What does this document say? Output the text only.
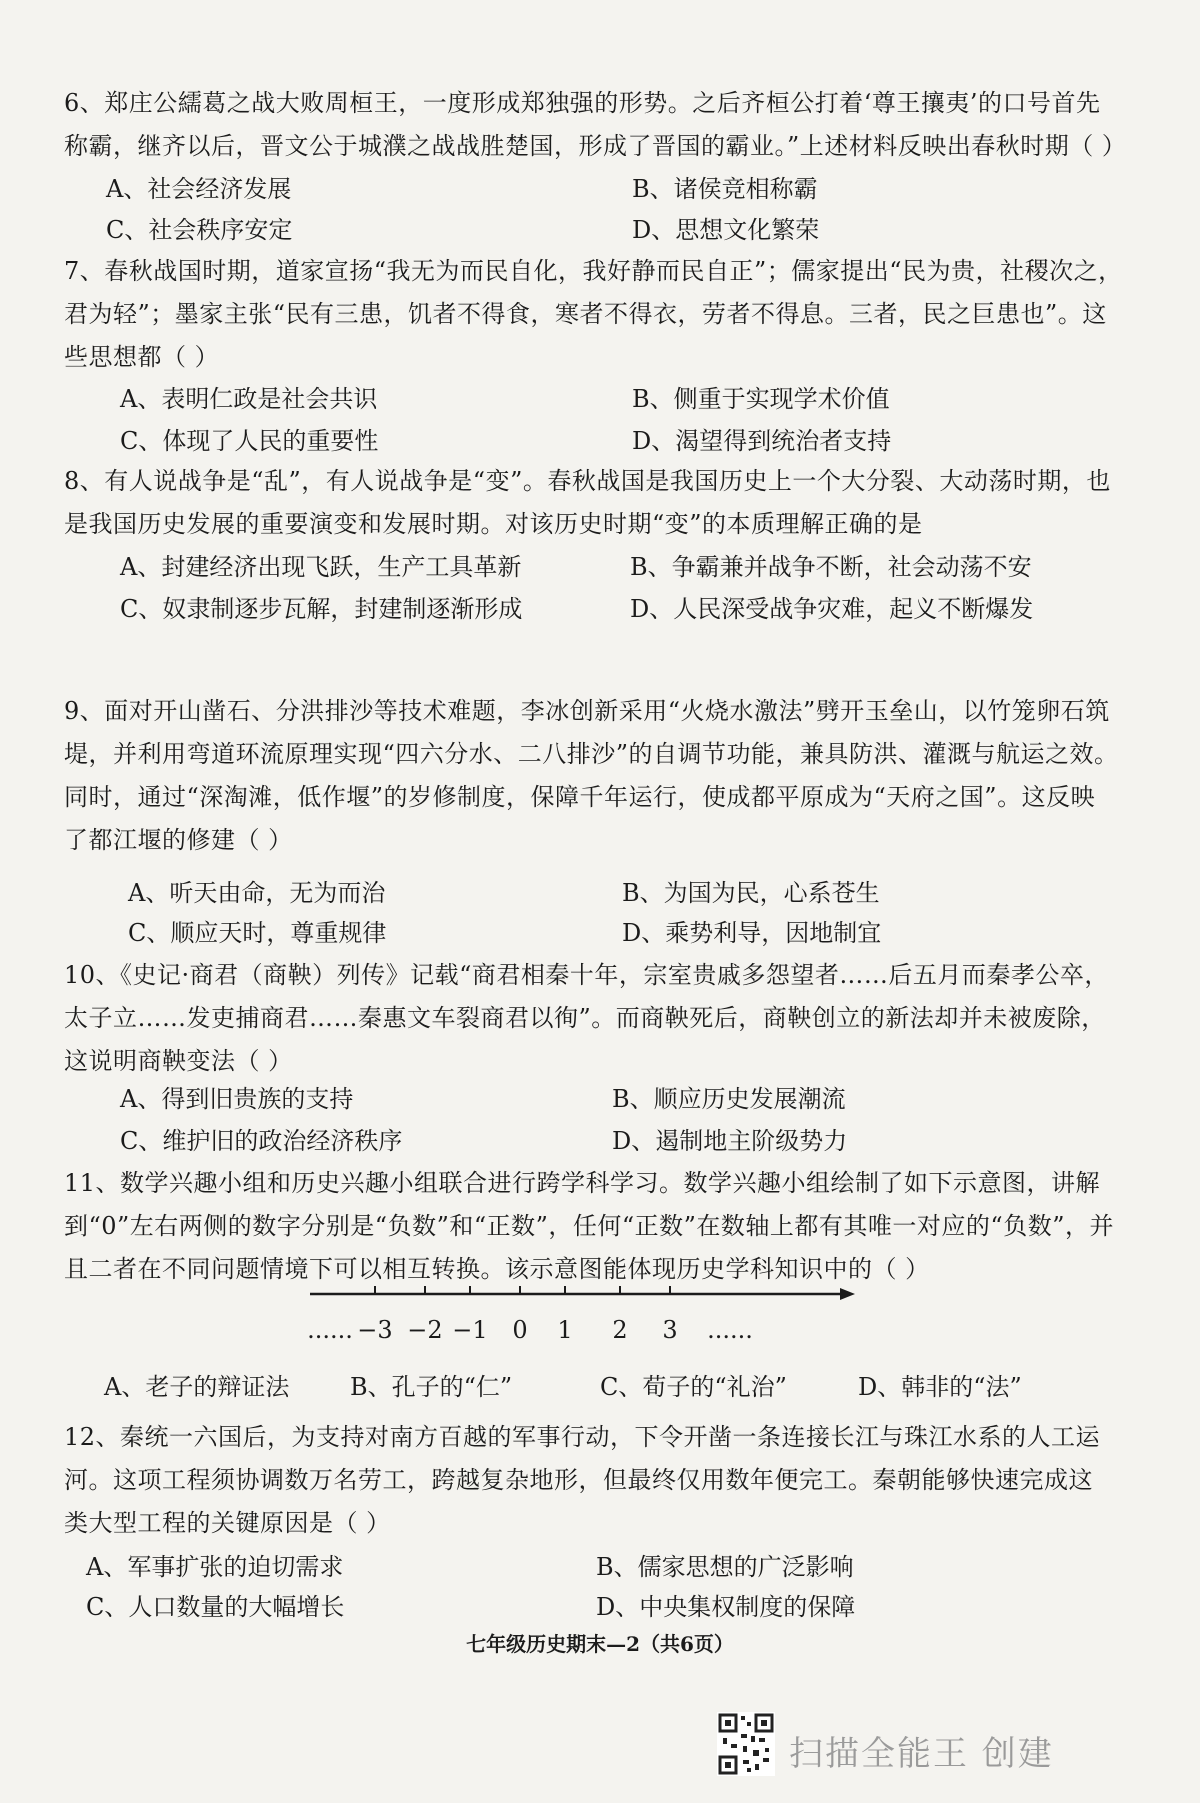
6、郑庄公繻葛之战大败周桓王，一度形成郑独强的形势。之后齐桓公打着‘尊王攘夷’的口号首先
称霸，继齐以后，晋文公于城濮之战战胜楚国，形成了晋国的霸业。”上述材料反映出春秋时期（ ）
A、社会经济发展	B、诸侯竞相称霸
C、社会秩序安定	D、思想文化繁荣
7、春秋战国时期，道家宣扬“我无为而民自化，我好静而民自正”；儒家提出“民为贵，社稷次之，
君为轻”；墨家主张“民有三患，饥者不得食，寒者不得衣，劳者不得息。三者，民之巨患也”。这
些思想都（ ）
A、表明仁政是社会共识	B、侧重于实现学术价值
C、体现了人民的重要性	D、渴望得到统治者支持
8、有人说战争是“乱”，有人说战争是“变”。春秋战国是我国历史上一个大分裂、大动荡时期，也
是我国历史发展的重要演变和发展时期。对该历史时期“变”的本质理解正确的是
A、封建经济出现飞跃，生产工具革新	B、争霸兼并战争不断，社会动荡不安
C、奴隶制逐步瓦解，封建制逐渐形成	D、人民深受战争灾难，起义不断爆发
9、面对开山凿石、分洪排沙等技术难题，李冰创新采用“火烧水激法”劈开玉垒山，以竹笼卵石筑
堤，并利用弯道环流原理实现“四六分水、二八排沙”的自调节功能，兼具防洪、灌溉与航运之效。
同时，通过“深淘滩，低作堰”的岁修制度，保障千年运行，使成都平原成为“天府之国”。这反映
了都江堰的修建（ ）
A、听天由命，无为而治	B、为国为民，心系苍生
C、顺应天时，尊重规律	D、乘势利导，因地制宜
10、《史记·商君（商鞅）列传》记载“商君相秦十年，宗室贵戚多怨望者……后五月而秦孝公卒，
太子立……发吏捕商君……秦惠文车裂商君以徇”。而商鞅死后，商鞅创立的新法却并未被废除，
这说明商鞅变法（ ）
A、得到旧贵族的支持	B、顺应历史发展潮流
C、维护旧的政治经济秩序	D、遏制地主阶级势力
11、数学兴趣小组和历史兴趣小组联合进行跨学科学习。数学兴趣小组绘制了如下示意图，讲解
到“0”左右两侧的数字分别是“负数”和“正数”，任何“正数”在数轴上都有其唯一对应的“负数”，并
且二者在不同问题情境下可以相互转换。该示意图能体现历史学科知识中的（ ）
...... −3 −2 −1 0 1 2 3 ......
A、老子的辩证法	B、孔子的“仁”	C、荀子的“礼治”	D、韩非的“法”
12、秦统一六国后，为支持对南方百越的军事行动，下令开凿一条连接长江与珠江水系的人工运
河。这项工程须协调数万名劳工，跨越复杂地形，但最终仅用数年便完工。秦朝能够快速完成这
类大型工程的关键原因是（ ）
A、军事扩张的迫切需求	B、儒家思想的广泛影响
C、人口数量的大幅增长	D、中央集权制度的保障
七年级历史期末—2（共6页）
扫描全能王 创建
